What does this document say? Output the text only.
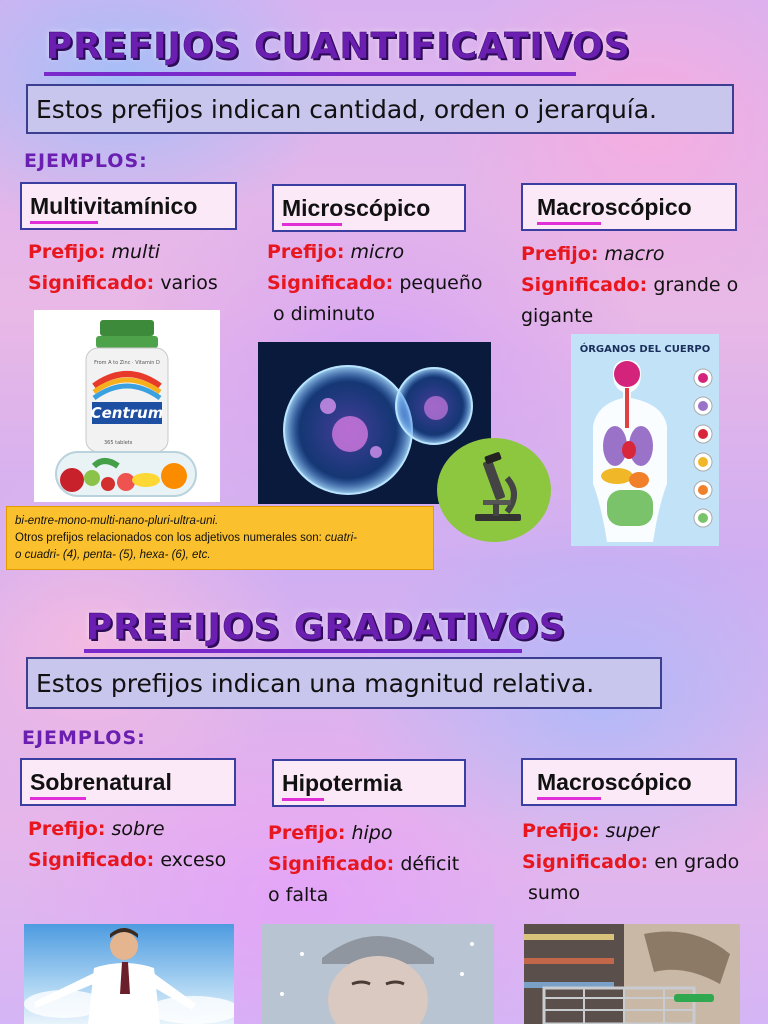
PREFIJOS CUANTIFICATIVOS
Estos prefijos indican cantidad, orden o jerarquía.
EJEMPLOS:
Multivitamínico
Prefijo: multi
Significado: varios
Microscópico
Prefijo: micro
Significado: pequeño
o diminuto
Macroscópico
Prefijo: macro
Significado: grande o
gigante
Centrum
From A to Zinc · Vitamin D
365 tablets
ÓRGANOS DEL CUERPO
bi-entre-mono-multi-nano-pluri-ultra-uni.
Otros prefijos relacionados con los adjetivos numerales son: cuatri-
o cuadri- (4), penta- (5), hexa- (6), etc.
PREFIJOS GRADATIVOS
Estos prefijos indican una magnitud relativa.
EJEMPLOS:
Sobrenatural
Prefijo: sobre
Significado: exceso
Hipotermia
Prefijo: hipo
Significado: déficit
o falta
Macroscópico
Prefijo: super
Significado: en grado
sumo
